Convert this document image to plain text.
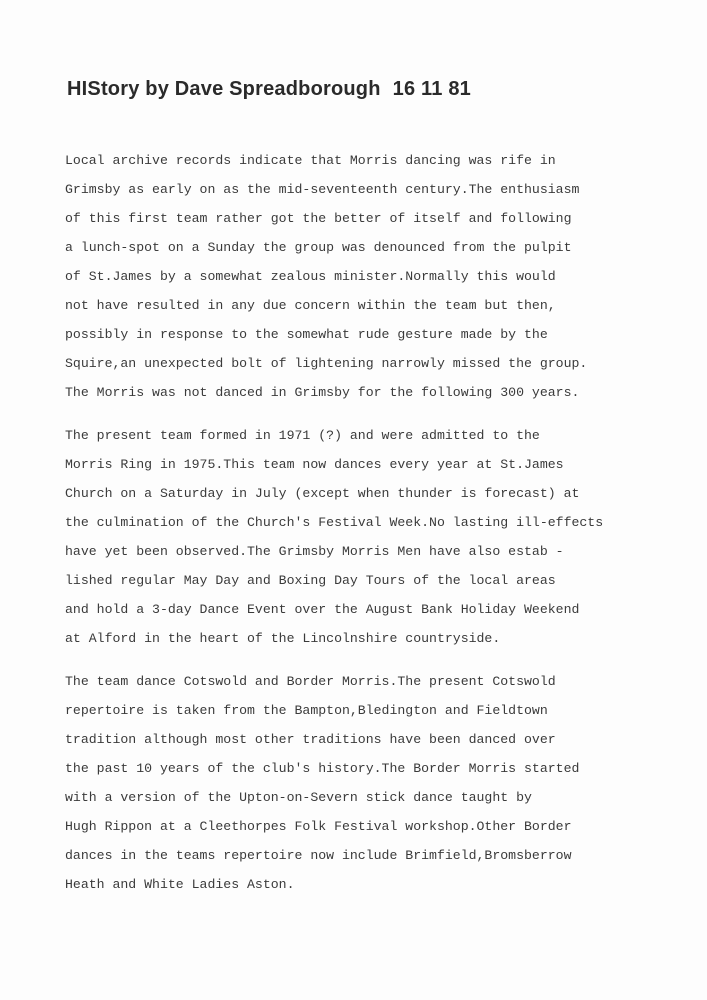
HIStory by Dave Spreadborough 16 11 81
Local archive records indicate that Morris dancing was rife in
Grimsby as early on as the mid-seventeenth century.The enthusiasm
of this first team rather got the better of itself and following
a lunch-spot on a Sunday the group was denounced from the pulpit
of St.James by a somewhat zealous minister.Normally this would
not have resulted in any due concern within the team but then,
possibly in response to the somewhat rude gesture made by the
Squire,an unexpected bolt of lightening narrowly missed the group.
The Morris was not danced in Grimsby for the following 300 years.
The present team formed in 1971 (?) and were admitted to the
Morris Ring in 1975.This team now dances every year at St.James
Church on a Saturday in July (except when thunder is forecast) at
the culmination of the Church's Festival Week.No lasting ill-effects
have yet been observed.The Grimsby Morris Men have also estab -
lished regular May Day and Boxing Day Tours of the local areas
and hold a 3-day Dance Event over the August Bank Holiday Weekend
at Alford in the heart of the Lincolnshire countryside.
The team dance Cotswold and Border Morris.The present Cotswold
repertoire is taken from the Bampton,Bledington and Fieldtown
tradition although most other traditions have been danced over
the past 10 years of the club's history.The Border Morris started
with a version of the Upton-on-Severn stick dance taught by
Hugh Rippon at a Cleethorpes Folk Festival workshop.Other Border
dances in the teams repertoire now include Brimfield,Bromsberrow
Heath and White Ladies Aston.
